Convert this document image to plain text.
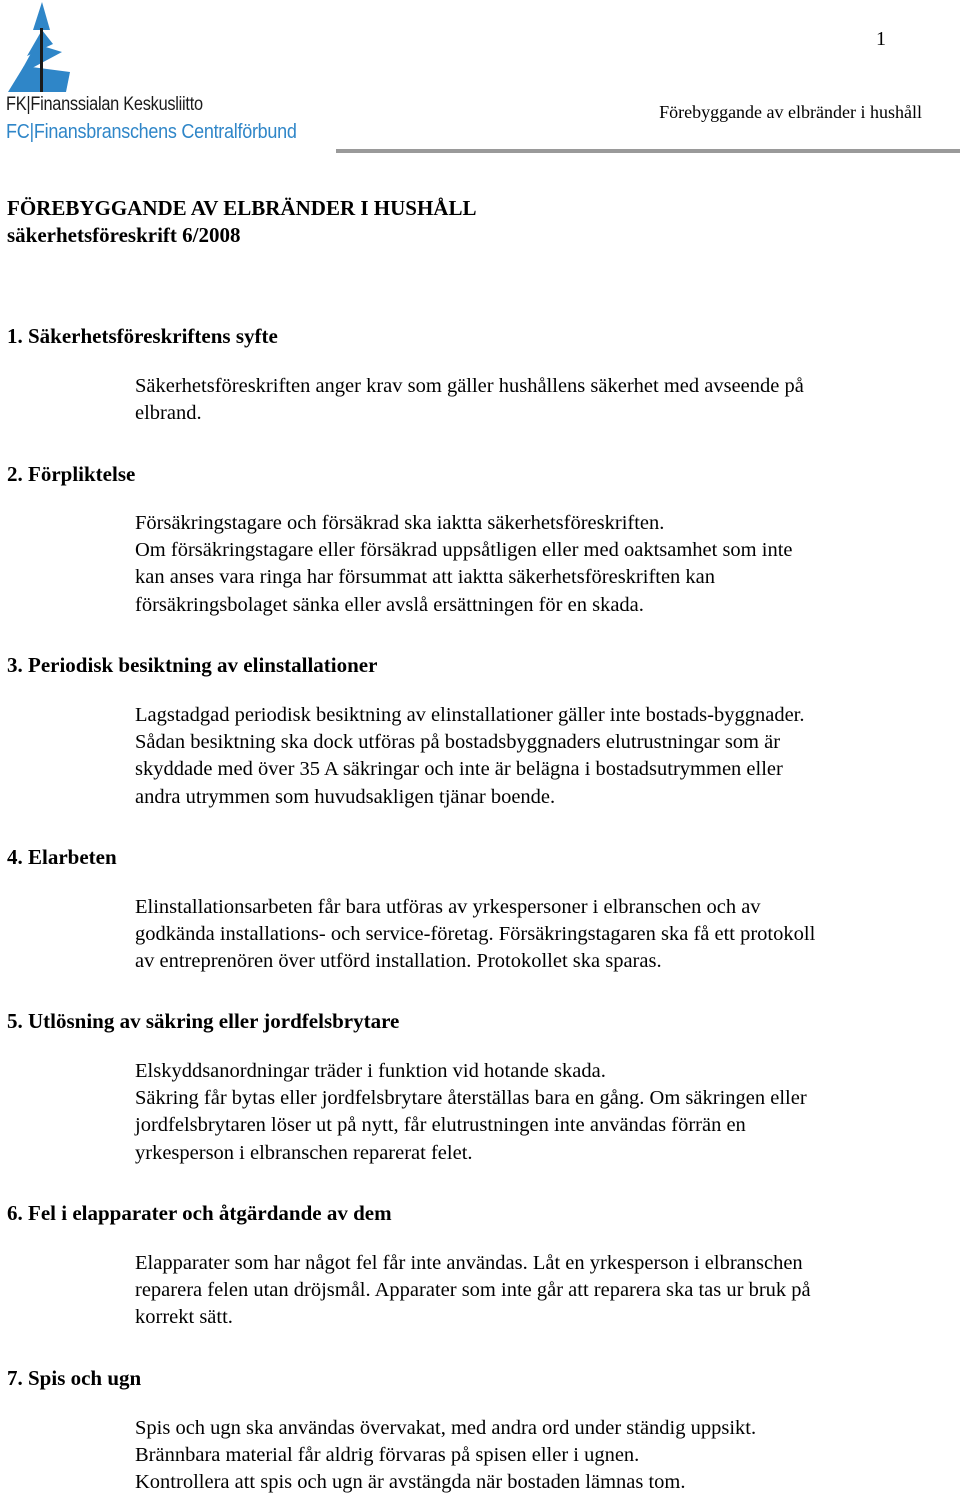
FK|Finanssialan Keskusliitto
FC|Finansbranschens Centralförbund
1
Förebyggande av elbränder i hushåll
FÖREBYGGANDE AV ELBRÄNDER I HUSHÅLL
säkerhetsföreskrift 6/2008
1. Säkerhetsföreskriftens syfte
Säkerhetsföreskriften anger krav som gäller hushållens säkerhet med avseende på
elbrand.
2. Förpliktelse
Försäkringstagare och försäkrad ska iaktta säkerhetsföreskriften.
Om försäkringstagare eller försäkrad uppsåtligen eller med oaktsamhet som inte
kan anses vara ringa har försummat att iaktta säkerhetsföreskriften kan
försäkringsbolaget sänka eller avslå ersättningen för en skada.
3. Periodisk besiktning av elinstallationer
Lagstadgad periodisk besiktning av elinstallationer gäller inte bostads-byggnader.
Sådan besiktning ska dock utföras på bostadsbyggnaders elutrustningar som är
skyddade med över 35 A säkringar och inte är belägna i bostadsutrymmen eller
andra utrymmen som huvudsakligen tjänar boende.
4. Elarbeten
Elinstallationsarbeten får bara utföras av yrkespersoner i elbranschen och av
godkända installations- och service-företag. Försäkringstagaren ska få ett protokoll
av entreprenören över utförd installation. Protokollet ska sparas.
5. Utlösning av säkring eller jordfelsbrytare
Elskyddsanordningar träder i funktion vid hotande skada.
Säkring får bytas eller jordfelsbrytare återställas bara en gång. Om säkringen eller
jordfelsbrytaren löser ut på nytt, får elutrustningen inte användas förrän en
yrkesperson i elbranschen reparerat felet.
6. Fel i elapparater och åtgärdande av dem
Elapparater som har något fel får inte användas. Låt en yrkesperson i elbranschen
reparera felen utan dröjsmål. Apparater som inte går att reparera ska tas ur bruk på
korrekt sätt.
7. Spis och ugn
Spis och ugn ska användas övervakat, med andra ord under ständig uppsikt.
Brännbara material får aldrig förvaras på spisen eller i ugnen.
Kontrollera att spis och ugn är avstängda när bostaden lämnas tom.
